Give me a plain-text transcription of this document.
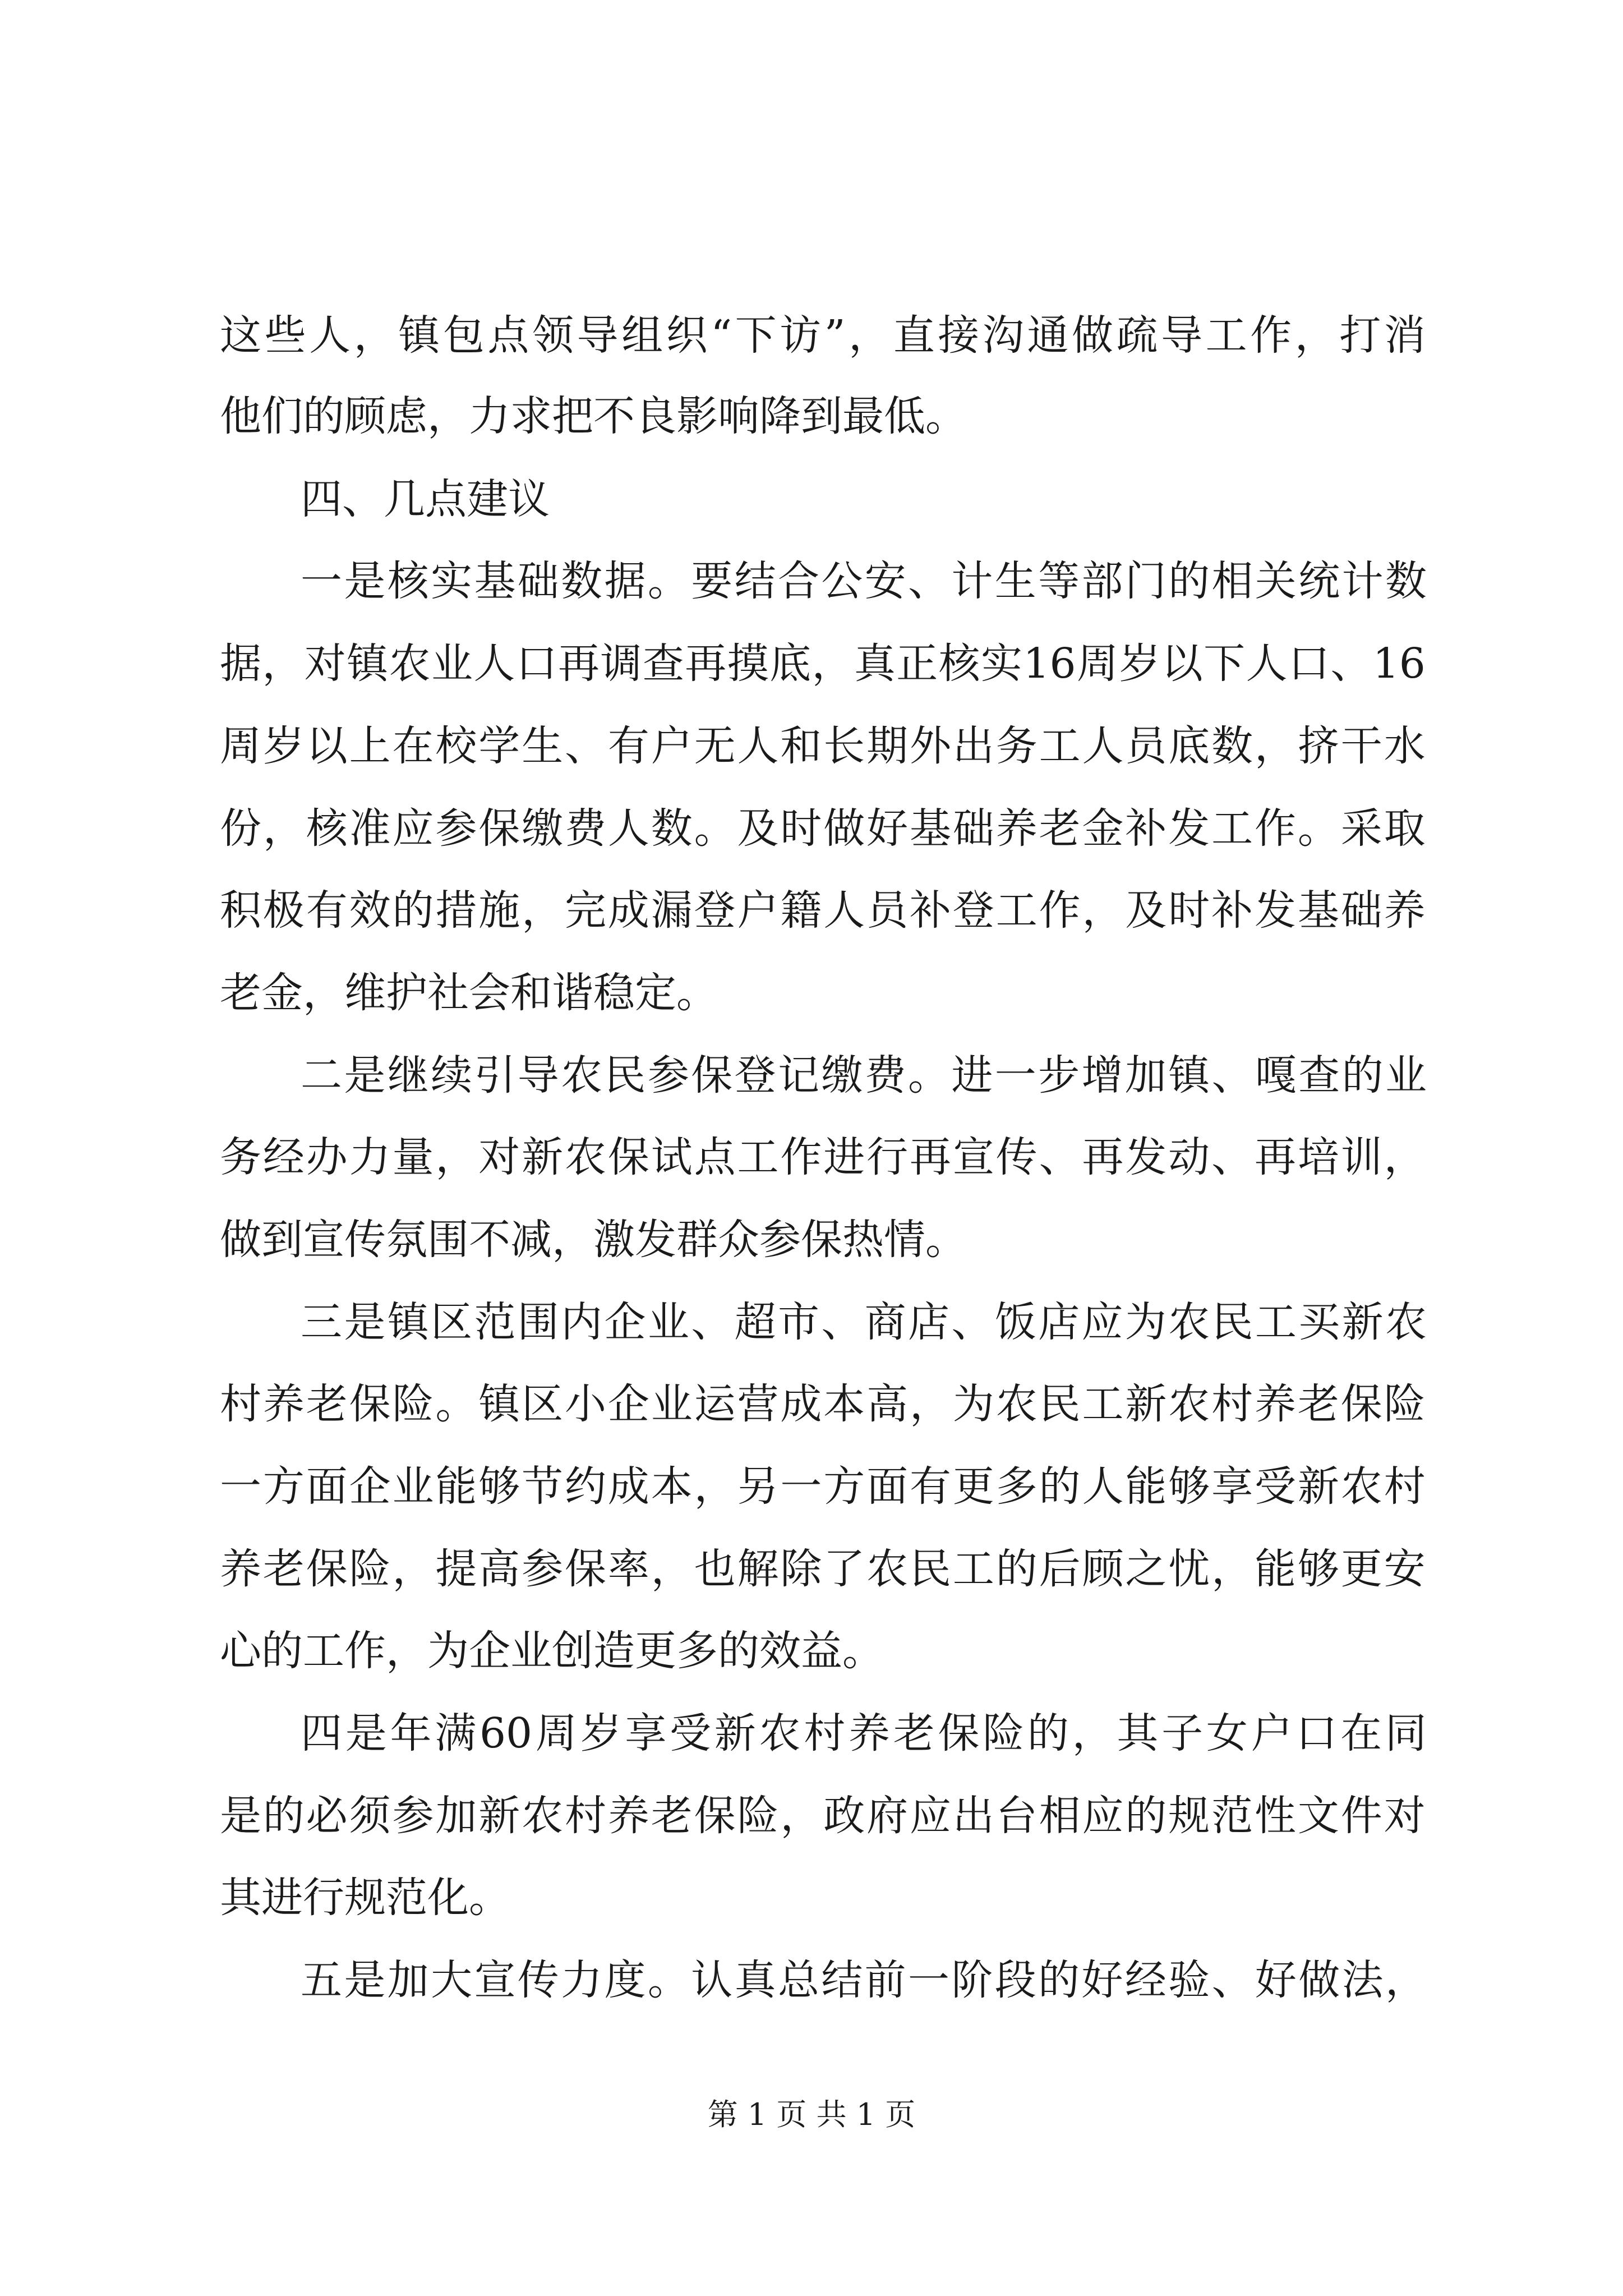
这 些 人 ， 镇 包 点 领 导 组 织 “ 下 访 ” ， 直 接 沟 通 做 疏 导 工 作 ， 打 消

他们的顾虑，力求把不良影响降到最低。

四、几点建议

一 是 核 实 基 础 数 据 。 要 结 合 公 安 、 计 生 等 部 门 的 相 关 统 计 数

据 ， 对 镇 农 业 人 口 再 调 查 再 摸 底 ， 真 正 核 实 16 周 岁 以 下 人 口 、 16

周 岁 以 上 在 校 学 生 、 有 户 无 人 和 长 期 外 出 务 工 人 员 底 数 ， 挤 干 水

份 ， 核 准 应 参 保 缴 费 人 数 。 及 时 做 好 基 础 养 老 金 补 发 工 作 。 采 取

积 极 有 效 的 措 施 ， 完 成 漏 登 户 籍 人 员 补 登 工 作 ， 及 时 补 发 基 础 养

老金，维护社会和谐稳定。

二 是 继 续 引 导 农 民 参 保 登 记 缴 费 。 进 一 步 增 加 镇 、 嘎 查 的 业

务 经 办 力 量 ， 对 新 农 保 试 点 工 作 进 行 再 宣 传 、 再 发 动 、 再 培 训 ，

做到宣传氛围不减，激发群众参保热情。

三 是 镇 区 范 围 内 企 业 、 超 市 、 商 店 、 饭 店 应 为 农 民 工 买 新 农

村 养 老 保 险 。 镇 区 小 企 业 运 营 成 本 高 ， 为 农 民 工 新 农 村 养 老 保 险

一 方 面 企 业 能 够 节 约 成 本 ， 另 一 方 面 有 更 多 的 人 能 够 享 受 新 农 村

养 老 保 险 ， 提 高 参 保 率 ， 也 解 除 了 农 民 工 的 后 顾 之 忧 ， 能 够 更 安

心的工作，为企业创造更多的效益。

四 是 年 满 60 周 岁 享 受 新 农 村 养 老 保 险 的 ， 其 子 女 户 口 在 同

是 的 必 须 参 加 新 农 村 养 老 保 险 ， 政 府 应 出 台 相 应 的 规 范 性 文 件 对

其进行规范化。

五 是 加 大 宣 传 力 度 。 认 真 总 结 前 一 阶 段 的 好 经 验 、 好 做 法 ，

第 1 页 共 1 页
